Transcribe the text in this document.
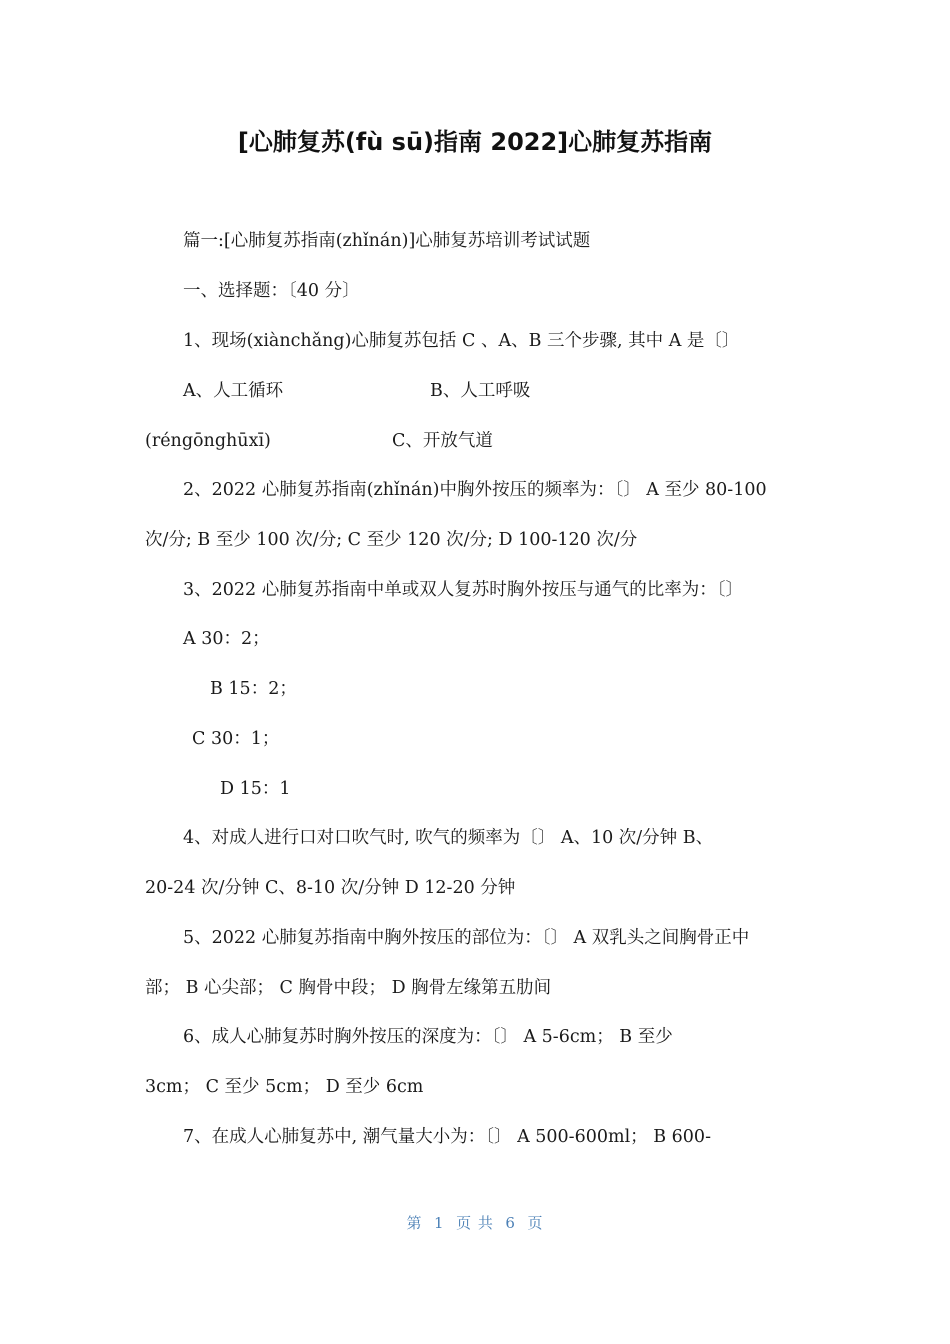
[心肺复苏(fù sū)指南 2022]心肺复苏指南
篇一:[心肺复苏指南(zhǐnán)]心肺复苏培训考试试题
一、选择题：〔40 分〕
1、现场(xiànchǎng)心肺复苏包括 C 、A、B 三个步骤, 其中 A 是〔〕
A、人工循环	B、人工呼吸
(réngōnghūxī)	C、开放气道
2、2022 心肺复苏指南(zhǐnán)中胸外按压的频率为：〔〕 A 至少 80-100
次/分; B 至少 100 次/分; C 至少 120 次/分; D 100-120 次/分
3、2022 心肺复苏指南中单或双人复苏时胸外按压与通气的比率为：〔〕
A 30：2；
B 15：2；
C 30：1；
D 15：1
4、对成人进行口对口吹气时, 吹气的频率为〔〕 A、10 次/分钟 B、
20-24 次/分钟 C、8-10 次/分钟 D 12-20 分钟
5、2022 心肺复苏指南中胸外按压的部位为：〔〕 A 双乳头之间胸骨正中
部； B 心尖部； C 胸骨中段； D 胸骨左缘第五肋间
6、成人心肺复苏时胸外按压的深度为：〔〕 A 5-6cm； B 至少
3cm； C 至少 5cm； D 至少 6cm
7、在成人心肺复苏中, 潮气量大小为：〔〕 A 500-600ml； B 600-
第  1  页 共  6  页
